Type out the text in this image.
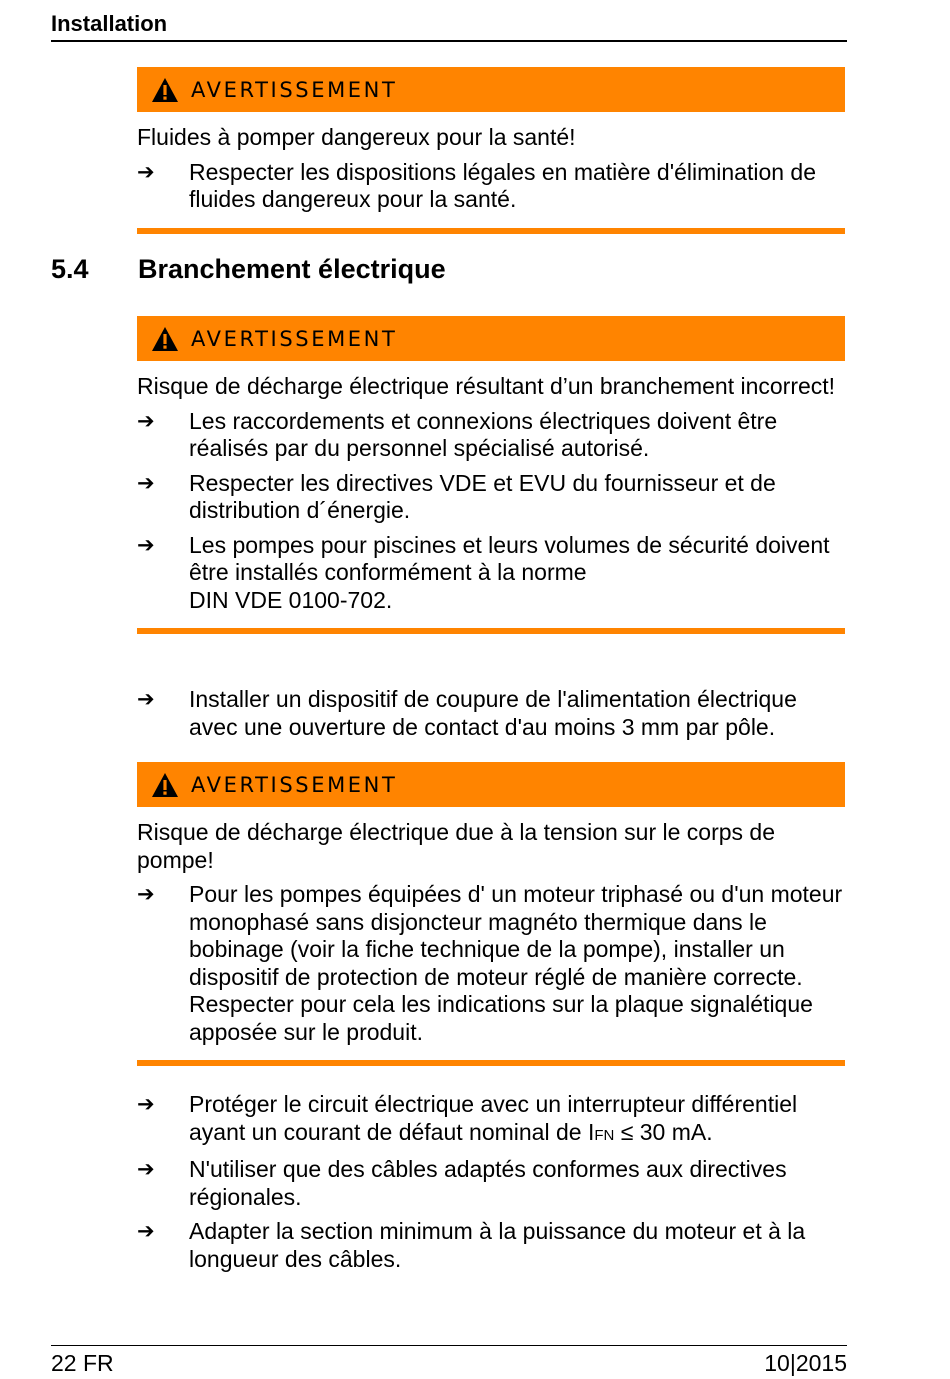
Installation
AVERTISSEMENT
Fluides à pomper dangereux pour la santé!
➔	Respecter les dispositions légales en matière d'élimination de fluides dangereux pour la santé.
5.4 Branchement électrique
AVERTISSEMENT
Risque de décharge électrique résultant d’un branchement incorrect!
➔	Les raccordements et connexions électriques doivent être réalisés par du personnel spécialisé autorisé.
➔	Respecter les directives VDE et EVU du fournisseur et de distribution d´énergie.
➔	Les pompes pour piscines et leurs volumes de sécurité doivent être installés conformément à la norme
DIN VDE 0100-702.
➔	Installer un dispositif de coupure de l'alimentation électrique avec une ouverture de contact d'au moins 3 mm par pôle.
AVERTISSEMENT
Risque de décharge électrique due à la tension sur le corps de pompe!
➔	Pour les pompes équipées d' un moteur triphasé ou d'un moteur monophasé sans disjoncteur magnéto thermique dans le bobinage (voir la fiche technique de la pompe), installer un dispositif de protection de moteur réglé de manière correcte. Respecter pour cela les indications sur la plaque signalétique apposée sur le produit.
➔	Protéger le circuit électrique avec un interrupteur différentiel ayant un courant de défaut nominal de IFN ≤ 30 mA.
➔	N'utiliser que des câbles adaptés conformes aux directives régionales.
➔	Adapter la section minimum à la puissance du moteur et à la longueur des câbles.
22 FR	10|2015
